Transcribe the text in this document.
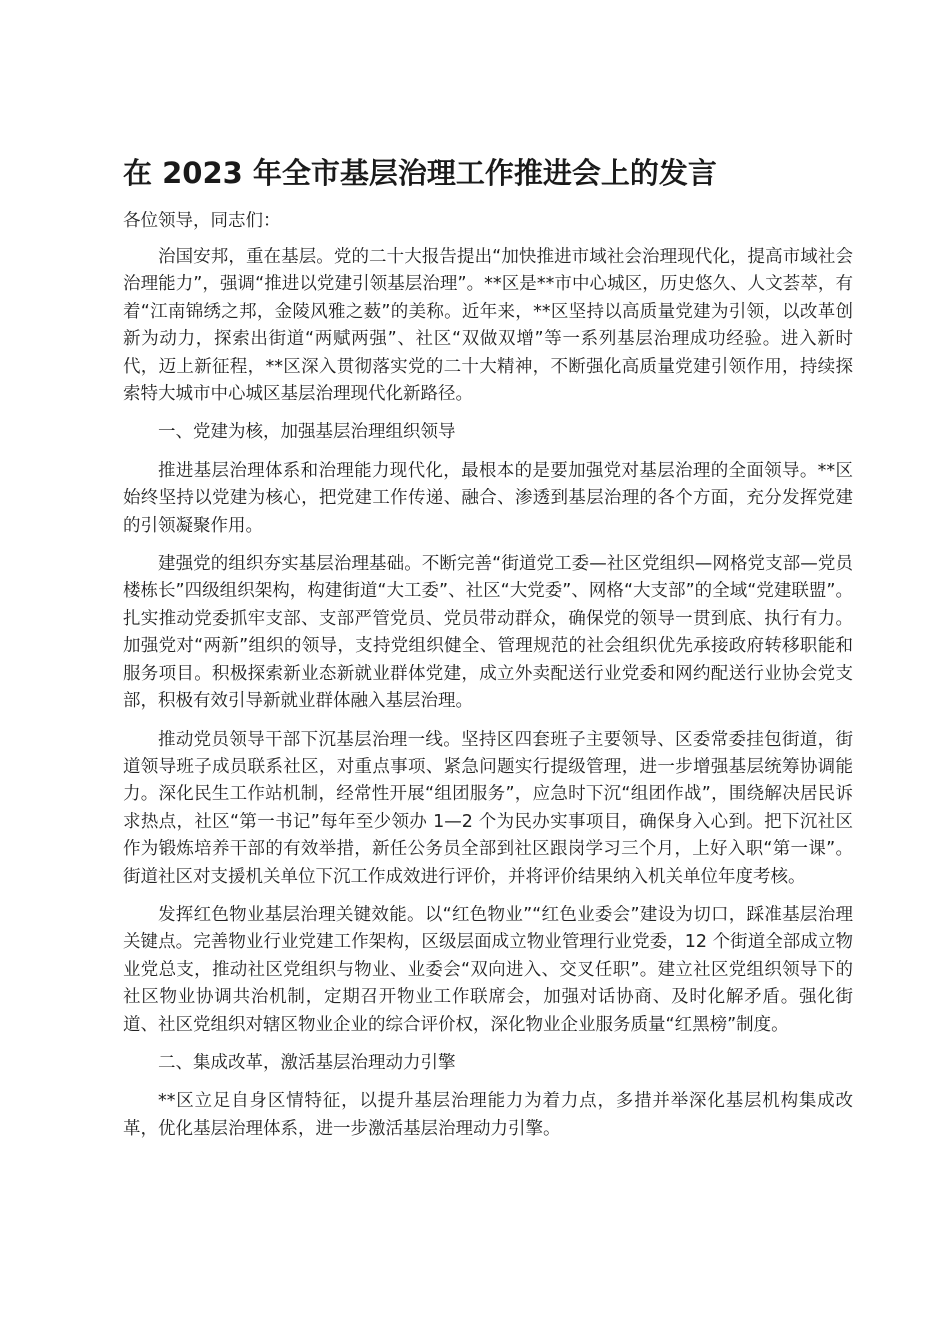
在 2023 年全市基层治理工作推进会上的发言

各位领导，同志们：

治国安邦，重在基层。党的二十大报告提出“加快推进市域社会治理现代化，提高市域社会治理能力”，强调“推进以党建引领基层治理”。**区是**市中心城区，历史悠久、人文荟萃，有着“江南锦绣之邦，金陵风雅之薮”的美称。近年来，**区坚持以高质量党建为引领，以改革创新为动力，探索出街道“两赋两强”、社区“双做双增”等一系列基层治理成功经验。进入新时代，迈上新征程，**区深入贯彻落实党的二十大精神，不断强化高质量党建引领作用，持续探索特大城市中心城区基层治理现代化新路径。

一、党建为核，加强基层治理组织领导

推进基层治理体系和治理能力现代化，最根本的是要加强党对基层治理的全面领导。**区始终坚持以党建为核心，把党建工作传递、融合、渗透到基层治理的各个方面，充分发挥党建的引领凝聚作用。

建强党的组织夯实基层治理基础。不断完善“街道党工委—社区党组织—网格党支部—党员楼栋长”四级组织架构，构建街道“大工委”、社区“大党委”、网格“大支部”的全域“党建联盟”。扎实推动党委抓牢支部、支部严管党员、党员带动群众，确保党的领导一贯到底、执行有力。加强党对“两新”组织的领导，支持党组织健全、管理规范的社会组织优先承接政府转移职能和服务项目。积极探索新业态新就业群体党建，成立外卖配送行业党委和网约配送行业协会党支部，积极有效引导新就业群体融入基层治理。

推动党员领导干部下沉基层治理一线。坚持区四套班子主要领导、区委常委挂包街道，街道领导班子成员联系社区，对重点事项、紧急问题实行提级管理，进一步增强基层统筹协调能力。深化民生工作站机制，经常性开展“组团服务”，应急时下沉“组团作战”，围绕解决居民诉求热点，社区“第一书记”每年至少领办 1—2 个为民办实事项目，确保身入心到。把下沉社区作为锻炼培养干部的有效举措，新任公务员全部到社区跟岗学习三个月，上好入职“第一课”。街道社区对支援机关单位下沉工作成效进行评价，并将评价结果纳入机关单位年度考核。

发挥红色物业基层治理关键效能。以“红色物业”“红色业委会”建设为切口，踩准基层治理关键点。完善物业行业党建工作架构，区级层面成立物业管理行业党委，12 个街道全部成立物业党总支，推动社区党组织与物业、业委会“双向进入、交叉任职”。建立社区党组织领导下的社区物业协调共治机制，定期召开物业工作联席会，加强对话协商、及时化解矛盾。强化街道、社区党组织对辖区物业企业的综合评价权，深化物业企业服务质量“红黑榜”制度。

二、集成改革，激活基层治理动力引擎

**区立足自身区情特征，以提升基层治理能力为着力点，多措并举深化基层机构集成改革，优化基层治理体系，进一步激活基层治理动力引擎。
